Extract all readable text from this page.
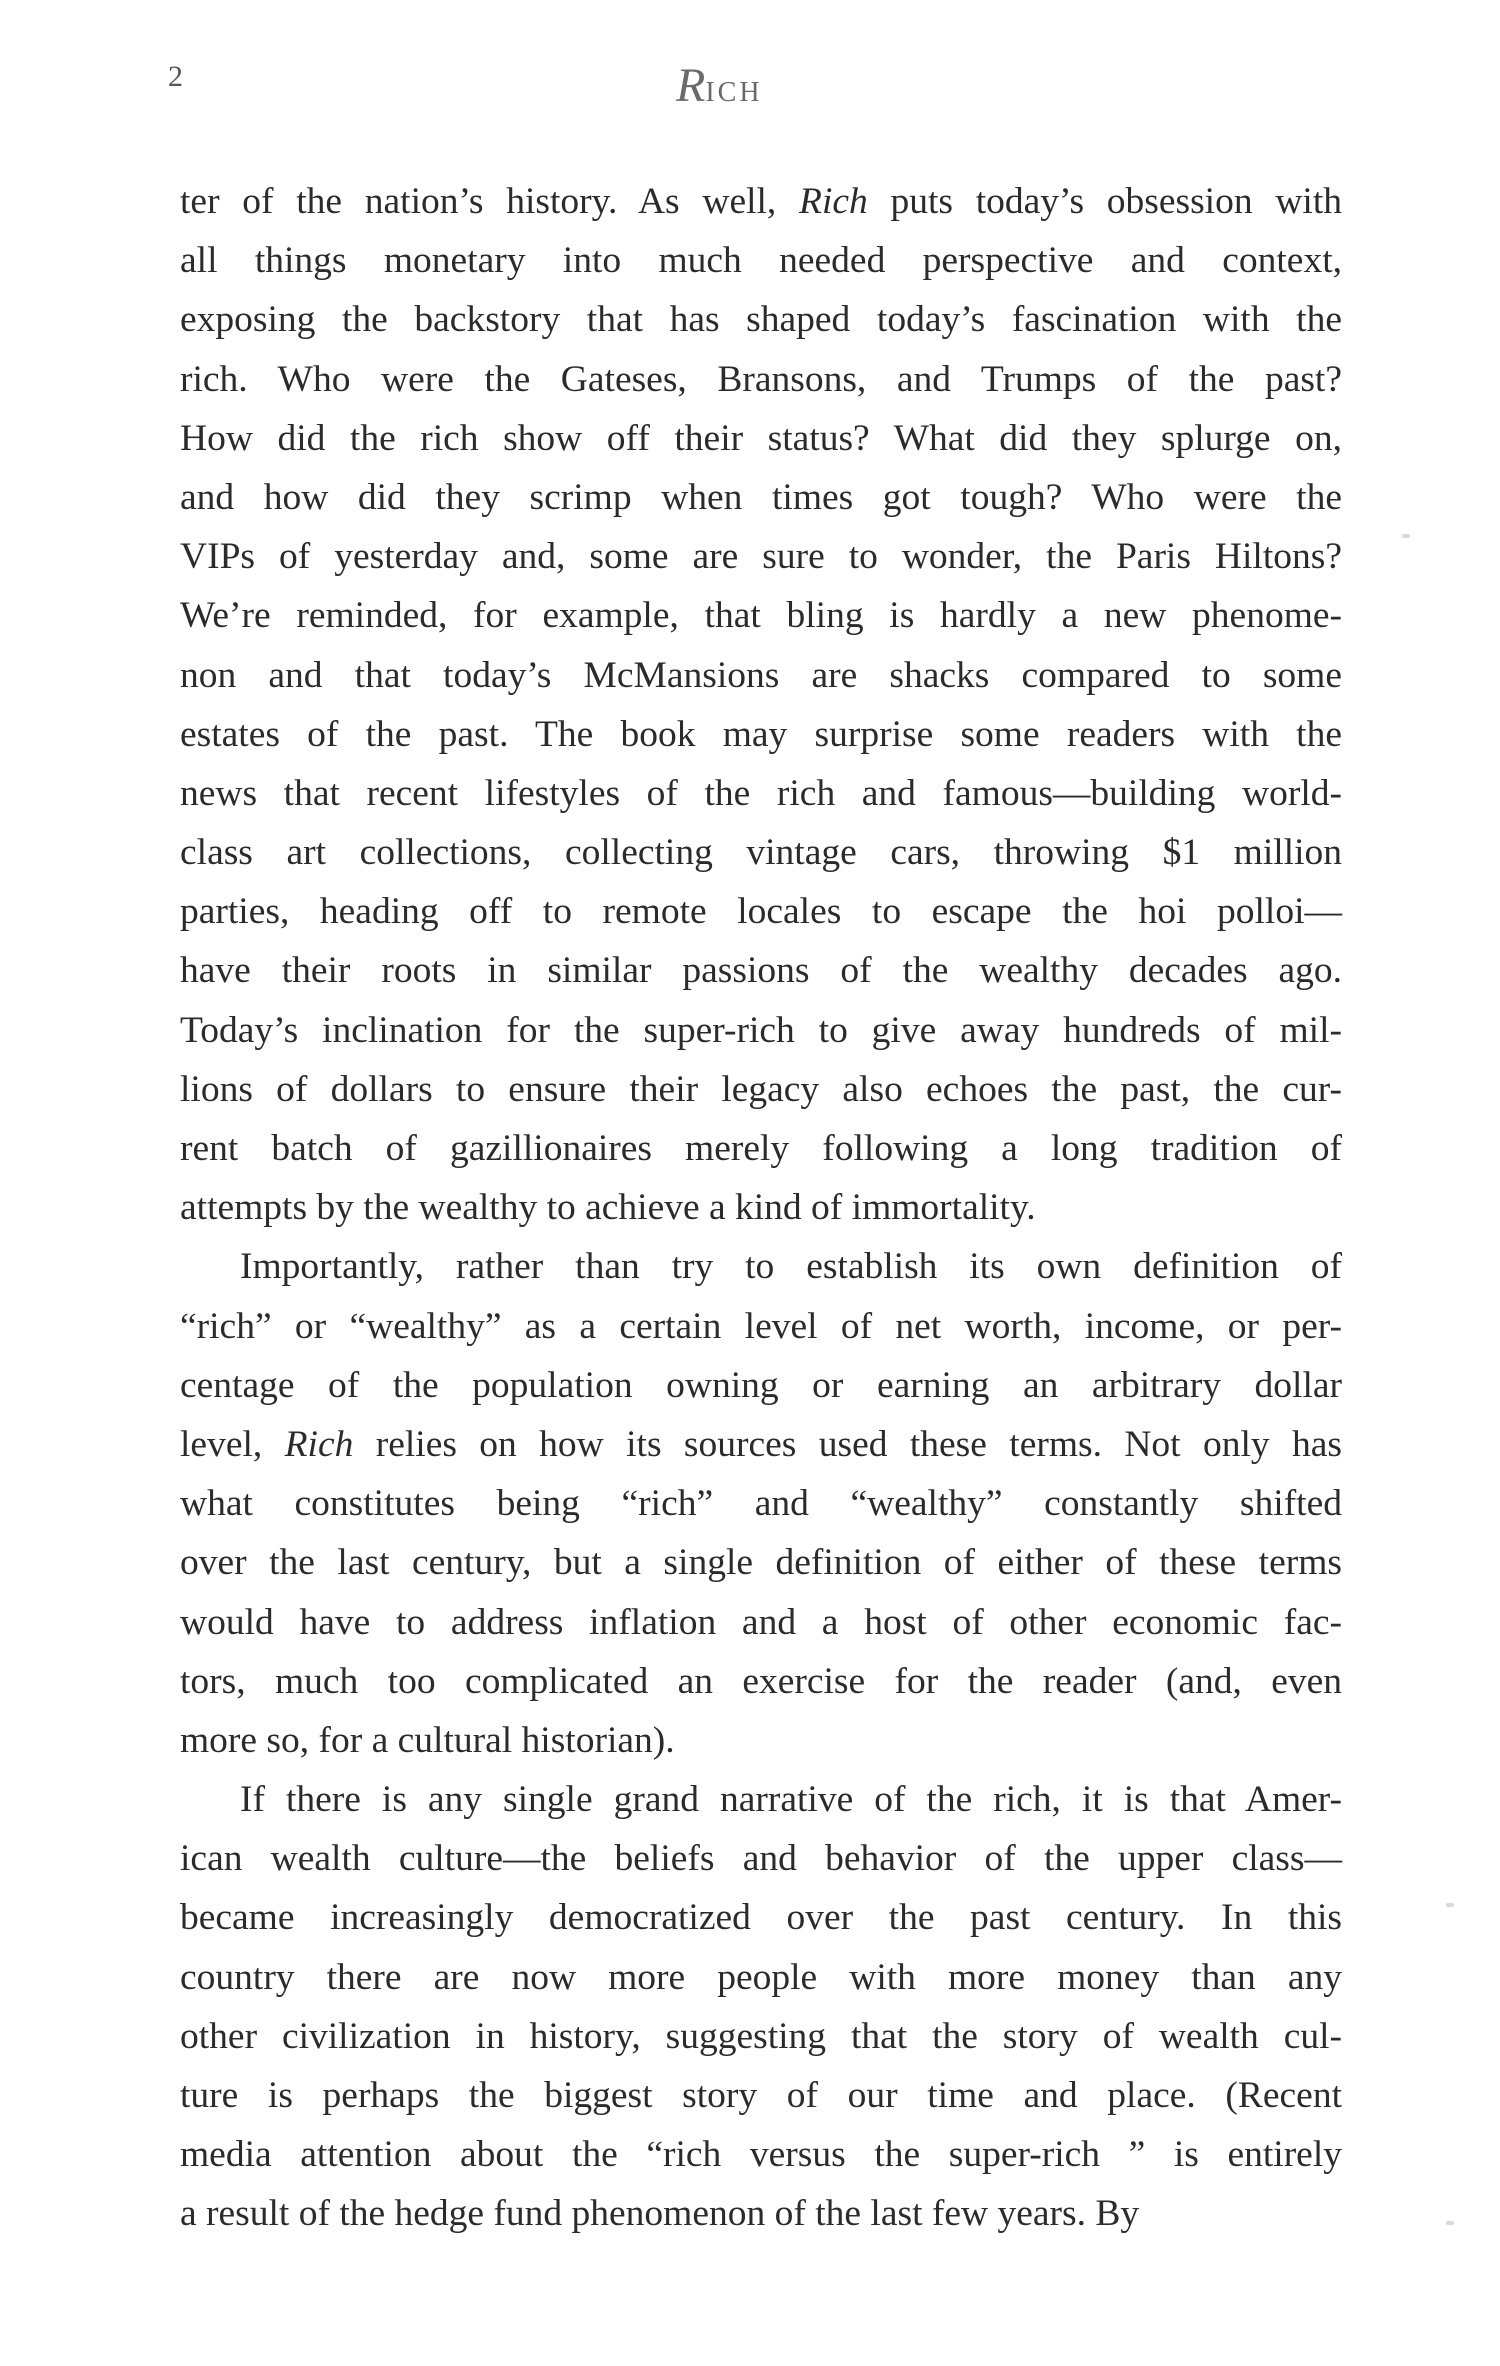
2	RICH
ter of the nation’s history. As well, Rich puts today’s obsession with
all things monetary into much needed perspective and context,
exposing the backstory that has shaped today’s fascination with the
rich. Who were the Gateses, Bransons, and Trumps of the past?
How did the rich show off their status? What did they splurge on,
and how did they scrimp when times got tough? Who were the
VIPs of yesterday and, some are sure to wonder, the Paris Hiltons?
We’re reminded, for example, that bling is hardly a new phenome-
non and that today’s McMansions are shacks compared to some
estates of the past. The book may surprise some readers with the
news that recent lifestyles of the rich and famous—building world-
class art collections, collecting vintage cars, throwing $1 million
parties, heading off to remote locales to escape the hoi polloi—
have their roots in similar passions of the wealthy decades ago.
Today’s inclination for the super-rich to give away hundreds of mil-
lions of dollars to ensure their legacy also echoes the past, the cur-
rent batch of gazillionaires merely following a long tradition of
attempts by the wealthy to achieve a kind of immortality.
Importantly, rather than try to establish its own definition of
“rich” or “wealthy” as a certain level of net worth, income, or per-
centage of the population owning or earning an arbitrary dollar
level, Rich relies on how its sources used these terms. Not only has
what constitutes being “rich” and “wealthy” constantly shifted
over the last century, but a single definition of either of these terms
would have to address inflation and a host of other economic fac-
tors, much too complicated an exercise for the reader (and, even
more so, for a cultural historian).
If there is any single grand narrative of the rich, it is that Amer-
ican wealth culture—the beliefs and behavior of the upper class—
became increasingly democratized over the past century. In this
country there are now more people with more money than any
other civilization in history, suggesting that the story of wealth cul-
ture is perhaps the biggest story of our time and place. (Recent
media attention about the “rich versus the super-rich ” is entirely
a result of the hedge fund phenomenon of the last few years. By
